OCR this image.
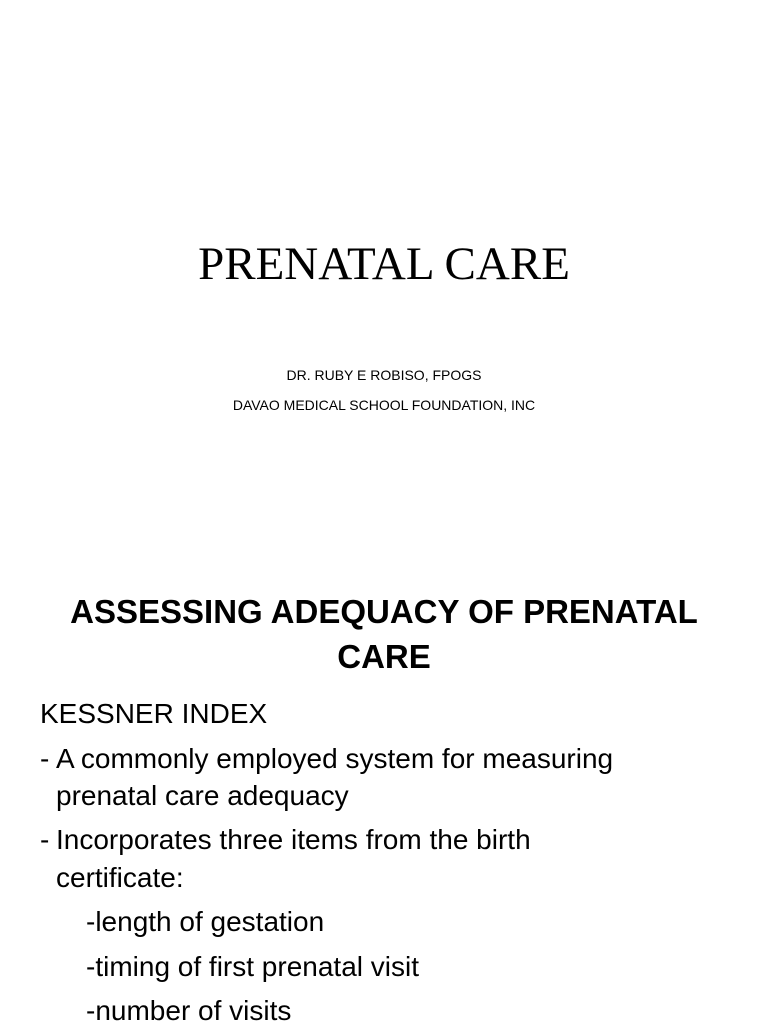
PRENATAL CARE
DR. RUBY E ROBISO, FPOGS
DAVAO MEDICAL SCHOOL FOUNDATION, INC
ASSESSING ADEQUACY OF PRENATAL CARE
KESSNER INDEX
- A commonly employed system for measuring
prenatal care adequacy
- Incorporates three items from the birth
certificate:
-length of gestation
-timing of first prenatal visit
-number of visits
